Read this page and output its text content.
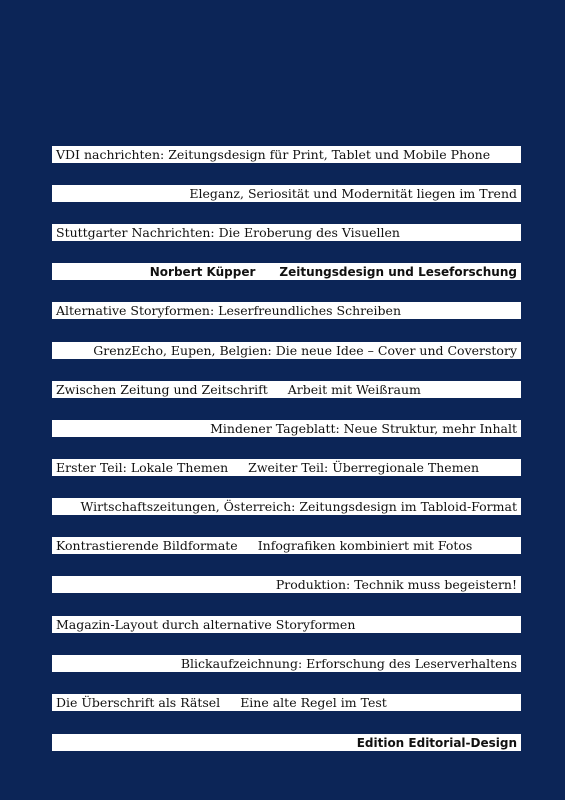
VDI nachrichten: Zeitungsdesign für Print, Tablet und Mobile Phone
Eleganz, Seriosität und Modernität liegen im Trend
Stuttgarter Nachrichten: Die Eroberung des Visuellen
Norbert Küpper Zeitungsdesign und Leseforschung
Alternative Storyformen: Leserfreundliches Schreiben
GrenzEcho, Eupen, Belgien: Die neue Idee – Cover und Coverstory
Zwischen Zeitung und Zeitschrift Arbeit mit Weißraum
Mindener Tageblatt: Neue Struktur, mehr Inhalt
Erster Teil: Lokale Themen Zweiter Teil: Überregionale Themen
Wirtschaftszeitungen, Österreich: Zeitungsdesign im Tabloid-Format
Kontrastierende Bildformate Infografiken kombiniert mit Fotos
Produktion: Technik muss begeistern!
Magazin-Layout durch alternative Storyformen
Blickaufzeichnung: Erforschung des Leserverhaltens
Die Überschrift als Rätsel Eine alte Regel im Test
Edition Editorial-Design
